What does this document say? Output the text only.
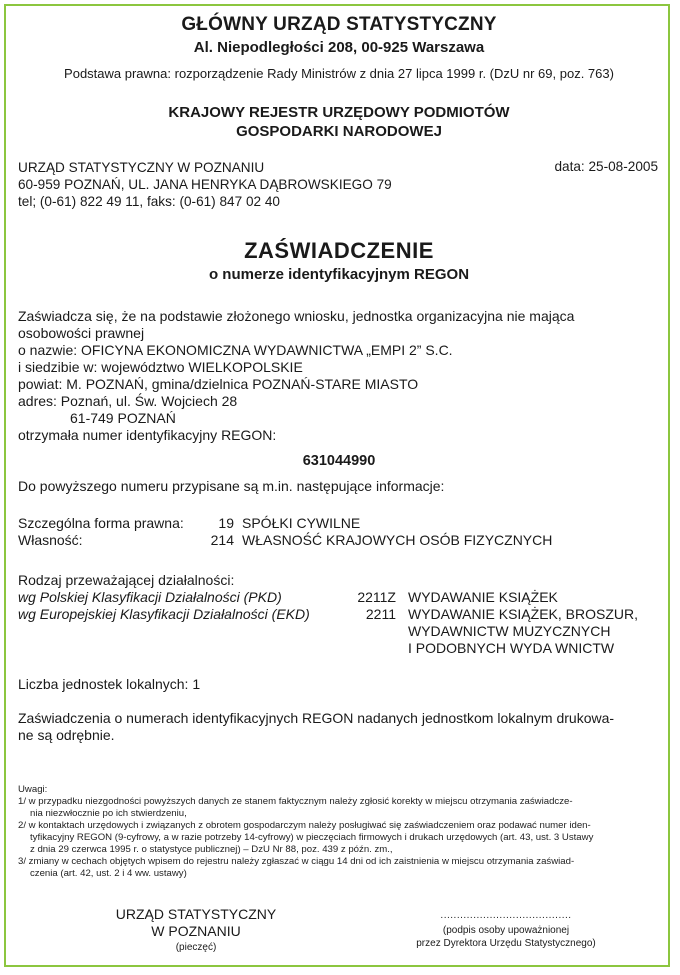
GŁÓWNY URZĄD STATYSTYCZNY
Al. Niepodległości 208, 00-925 Warszawa
Podstawa prawna: rozporządzenie Rady Ministrów z dnia 27 lipca 1999 r. (DzU nr 69, poz. 763)
KRAJOWY REJESTR URZĘDOWY PODMIOTÓW
GOSPODARKI NARODOWEJ
URZĄD STATYSTYCZNY W POZNANIU
60-959 POZNAŃ, UL. JANA HENRYKA DĄBROWSKIEGO 79
tel; (0-61) 822 49 11, faks: (0-61) 847 02 40
data: 25-08-2005
ZAŚWIADCZENIE
o numerze identyfikacyjnym REGON
Zaświadcza się, że na podstawie złożonego wniosku, jednostka organizacyjna nie mająca
osobowości prawnej
o nazwie: OFICYNA EKONOMICZNA WYDAWNICTWA „EMPI 2” S.C.
i siedzibie w: województwo WIELKOPOLSKIE
powiat: M. POZNAŃ, gmina/dzielnica POZNAŃ-STARE MIASTO
adres: Poznań, ul. Św. Wojciech 28
61-749 POZNAŃ
otrzymała numer identyfikacyjny REGON:
631044990
Do powyższego numeru przypisane są m.in. następujące informacje:
Szczególna forma prawna:	19 SPÓŁKI CYWILNE
Własność:	214 WŁASNOŚĆ KRAJOWYCH OSÓB FIZYCZNYCH
Rodzaj przeważającej działalności:
wg Polskiej Klasyfikacji Działalności (PKD)	2211Z WYDAWANIE KSIĄŻEK
wg Europejskiej Klasyfikacji Działalności (EKD)	2211 WYDAWANIE KSIĄŻEK, BROSZUR,
WYDAWNICTW MUZYCZNYCH
I PODOBNYCH WYDA WNICTW
Liczba jednostek lokalnych: 1
Zaświadczenia o numerach identyfikacyjnych REGON nadanych jednostkom lokalnym drukowa-
ne są odrębnie.
Uwagi:
1/ w przypadku niezgodności powyższych danych ze stanem faktycznym należy zgłosić korekty w miejscu otrzymania zaświadcze-
nia niezwłocznie po ich stwierdzeniu,
2/ w kontaktach urzędowych i związanych z obrotem gospodarczym należy posługiwać się zaświadczeniem oraz podawać numer iden-
tyfikacyjny REGON (9-cyfrowy, a w razie potrzeby 14-cyfrowy) w pieczęciach firmowych i drukach urzędowych (art. 43, ust. 3 Ustawy
z dnia 29 czerwca 1995 r. o statystyce publicznej) – DzU Nr 88, poz. 439 z późn. zm.,
3/ zmiany w cechach objętych wpisem do rejestru należy zgłaszać w ciągu 14 dni od ich zaistnienia w miejscu otrzymania zaświad-
czenia (art. 42, ust. 2 i 4 ww. ustawy)
URZĄD STATYSTYCZNY
W POZNANIU
(pieczęć)
........................................
(podpis osoby upoważnionej
przez Dyrektora Urzędu Statystycznego)
